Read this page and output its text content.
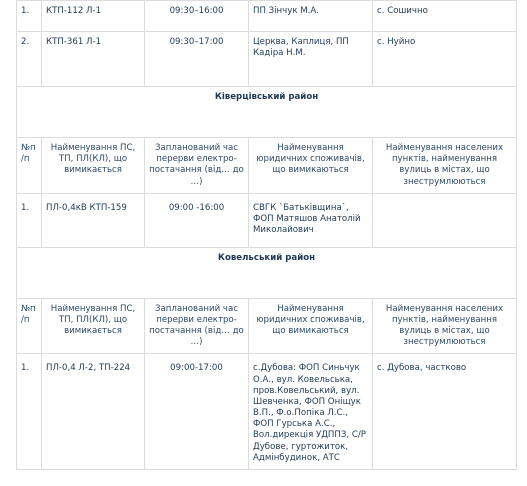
1.	КТП-112 Л-1	09:30–16:00	ПП Зінчук М.А.	с. Сошично
2.	КТП-361 Л-1	09:30–17:00	Церква, Каплиця, ПП Кадіра Н.М.	с. Нуйно
Ківерцівський район				
№п/п	Найменування ПС, ТП, ПЛ(КЛ), що вимикається	Запланований час перерви електро-постачання (від… до …)	Найменування юридичних споживачів, що вимикаються	Найменування населених пунктів, найменування вулиць в містах, що знеструмлюються
1.	ПЛ-0,4кВ КТП-159	09:00 -16:00	СВГК `Батьківщина`, ФОП Матяшов Анатолій Миколайович	
Ковельський район				
№п/п	Найменування ПС, ТП, ПЛ(КЛ), що вимикається	Запланований час перерви електро-постачання (від… до …)	Найменування юридичних споживачів, що вимикаються	Найменування населених пунктів, найменування вулиць в містах, що знеструмлюються
1.	ПЛ-0,4 Л-2, ТП-224	09:00-17:00	с.Дубова: ФОП Синьчук О.А., вул. Ковельська, пров.Ковельський, вул. Шевченка, ФОП Оніщук В.П., Ф.о.Попіка Л.С., ФОП Гурська А.С., Вол.дирекція УДППЗ, С/Р Дубове, гуртожиток, Адмінбудинок, АТС	с. Дубова, частково
